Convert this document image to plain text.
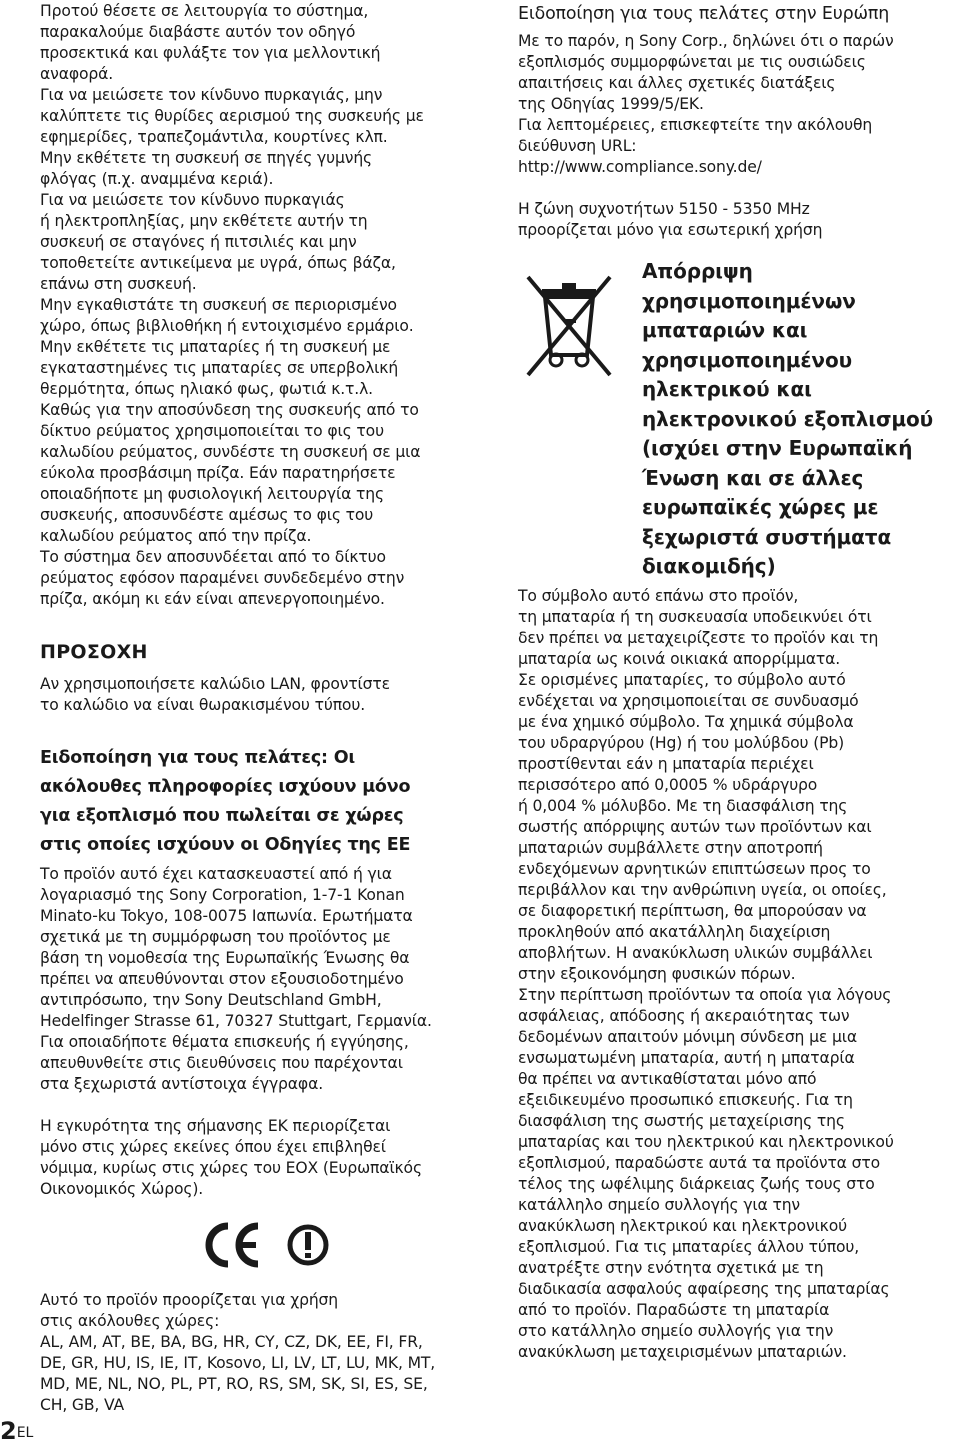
Προτού θέσετε σε λειτουργία το σύστημα,

παρακαλούμε διαβάστε αυτόν τον οδηγό

προσεκτικά και φυλάξτε τον για μελλοντική

αναφορά.

Για να μειώσετε τον κίνδυνο πυρκαγιάς, μην

καλύπτετε τις θυρίδες αερισμού της συσκευής με

εφημερίδες, τραπεζομάντιλα, κουρτίνες κλπ.

Μην εκθέτετε τη συσκευή σε πηγές γυμνής

φλόγας (π.χ. αναμμένα κεριά).

Για να μειώσετε τον κίνδυνο πυρκαγιάς

ή ηλεκτροπληξίας, μην εκθέτετε αυτήν τη

συσκευή σε σταγόνες ή πιτσιλιές και μην

τοποθετείτε αντικείμενα με υγρά, όπως βάζα,

επάνω στη συσκευή.

Μην εγκαθιστάτε τη συσκευή σε περιορισμένο

χώρο, όπως βιβλιοθήκη ή εντοιχισμένο ερμάριο.

Μην εκθέτετε τις μπαταρίες ή τη συσκευή με

εγκαταστημένες τις μπαταρίες σε υπερβολική

θερμότητα, όπως ηλιακό φως, φωτιά κ.τ.λ.

Καθώς για την αποσύνδεση της συσκευής από το

δίκτυο ρεύματος χρησιμοποιείται το φις του

καλωδίου ρεύματος, συνδέστε τη συσκευή σε μια

εύκολα προσβάσιμη πρίζα. Εάν παρατηρήσετε

οποιαδήποτε μη φυσιολογική λειτουργία της

συσκευής, αποσυνδέστε αμέσως το φις του

καλωδίου ρεύματος από την πρίζα.

Το σύστημα δεν αποσυνδέεται από το δίκτυο

ρεύματος εφόσον παραμένει συνδεδεμένο στην

πρίζα, ακόμη κι εάν είναι απενεργοποιημένο.

ΠΡΟΣΟΧΗ

Αν χρησιμοποιήσετε καλώδιο LAN, φροντίστε

το καλώδιο να είναι θωρακισμένου τύπου.

Ειδοποίηση για τους πελάτες: Οι

ακόλουθες πληροφορίες ισχύουν μόνο

για εξοπλισμό που πωλείται σε χώρες

στις οποίες ισχύουν οι Οδηγίες της ΕΕ

Το προϊόν αυτό έχει κατασκευαστεί από ή για

λογαριασμό της Sony Corporation, 1-7-1 Konan

Minato-ku Tokyo, 108-0075 Ιαπωνία. Ερωτήματα

σχετικά με τη συμμόρφωση του προϊόντος με

βάση τη νομοθεσία της Ευρωπαϊκής Ένωσης θα

πρέπει να απευθύνονται στον εξουσιοδοτημένο

αντιπρόσωπο, την Sony Deutschland GmbH,

Hedelfinger Strasse 61, 70327 Stuttgart, Γερμανία.

Για οποιαδήποτε θέματα επισκευής ή εγγύησης,

απευθυνθείτε στις διευθύνσεις που παρέχονται

στα ξεχωριστά αντίστοιχα έγγραφα.

Η εγκυρότητα της σήμανσης ΕΚ περιορίζεται

μόνο στις χώρες εκείνες όπου έχει επιβληθεί

νόμιμα, κυρίως στις χώρες του ΕΟΧ (Ευρωπαϊκός

Οικονομικός Χώρος).

Αυτό το προϊόν προορίζεται για χρήση

στις ακόλουθες χώρες:

AL, AM, AT, BE, BA, BG, HR, CY, CZ, DK, EE, FI, FR,

DE, GR, HU, IS, IE, IT, Kosovo, LI, LV, LT, LU, MK, MT,

MD, ME, NL, NO, PL, PT, RO, RS, SM, SK, SI, ES, SE,

CH, GB, VA

Ειδοποίηση για τους πελάτες στην Ευρώπη

Με το παρόν, η Sony Corp., δηλώνει ότι ο παρών

εξοπλισμός συμμορφώνεται με τις ουσιώδεις

απαιτήσεις και άλλες σχετικές διατάξεις

της Οδηγίας 1999/5/ΕΚ.

Για λεπτομέρειες, επισκεφτείτε την ακόλουθη

διεύθυνση URL:

http://www.compliance.sony.de/

Η ζώνη συχνοτήτων 5150 - 5350 MHz

προορίζεται μόνο για εσωτερική χρήση

Απόρριψη

χρησιμοποιημένων

μπαταριών και

χρησιμοποιημένου

ηλεκτρικού και

ηλεκτρονικού εξοπλισμού

(ισχύει στην Ευρωπαϊκή

Ένωση και σε άλλες

ευρωπαϊκές χώρες με

ξεχωριστά συστήματα

διακομιδής)

Το σύμβολο αυτό επάνω στο προϊόν,

τη μπαταρία ή τη συσκευασία υποδεικνύει ότι

δεν πρέπει να μεταχειρίζεστε το προϊόν και τη

μπαταρία ως κοινά οικιακά απορρίμματα.

Σε ορισμένες μπαταρίες, το σύμβολο αυτό

ενδέχεται να χρησιμοποιείται σε συνδυασμό

με ένα χημικό σύμβολο. Τα χημικά σύμβολα

του υδραργύρου (Hg) ή του μολύβδου (Pb)

προστίθενται εάν η μπαταρία περιέχει

περισσότερο από 0,0005 % υδράργυρο

ή 0,004 % μόλυβδο. Με τη διασφάλιση της

σωστής απόρριψης αυτών των προϊόντων και

μπαταριών συμβάλλετε στην αποτροπή

ενδεχόμενων αρνητικών επιπτώσεων προς το

περιβάλλον και την ανθρώπινη υγεία, οι οποίες,

σε διαφορετική περίπτωση, θα μπορούσαν να

προκληθούν από ακατάλληλη διαχείριση

αποβλήτων. Η ανακύκλωση υλικών συμβάλλει

στην εξοικονόμηση φυσικών πόρων.

Στην περίπτωση προϊόντων τα οποία για λόγους

ασφάλειας, απόδοσης ή ακεραιότητας των

δεδομένων απαιτούν μόνιμη σύνδεση με μια

ενσωματωμένη μπαταρία, αυτή η μπαταρία

θα πρέπει να αντικαθίσταται μόνο από

εξειδικευμένο προσωπικό επισκευής. Για τη

διασφάλιση της σωστής μεταχείρισης της

μπαταρίας και του ηλεκτρικού και ηλεκτρονικού

εξοπλισμού, παραδώστε αυτά τα προϊόντα στο

τέλος της ωφέλιμης διάρκειας ζωής τους στο

κατάλληλο σημείο συλλογής για την

ανακύκλωση ηλεκτρικού και ηλεκτρονικού

εξοπλισμού. Για τις μπαταρίες άλλου τύπου,

ανατρέξτε στην ενότητα σχετικά με τη

διαδικασία ασφαλούς αφαίρεσης της μπαταρίας

από το προϊόν. Παραδώστε τη μπαταρία

στο κατάλληλο σημείο συλλογής για την

ανακύκλωση μεταχειρισμένων μπαταριών.

$2^{EL}$
